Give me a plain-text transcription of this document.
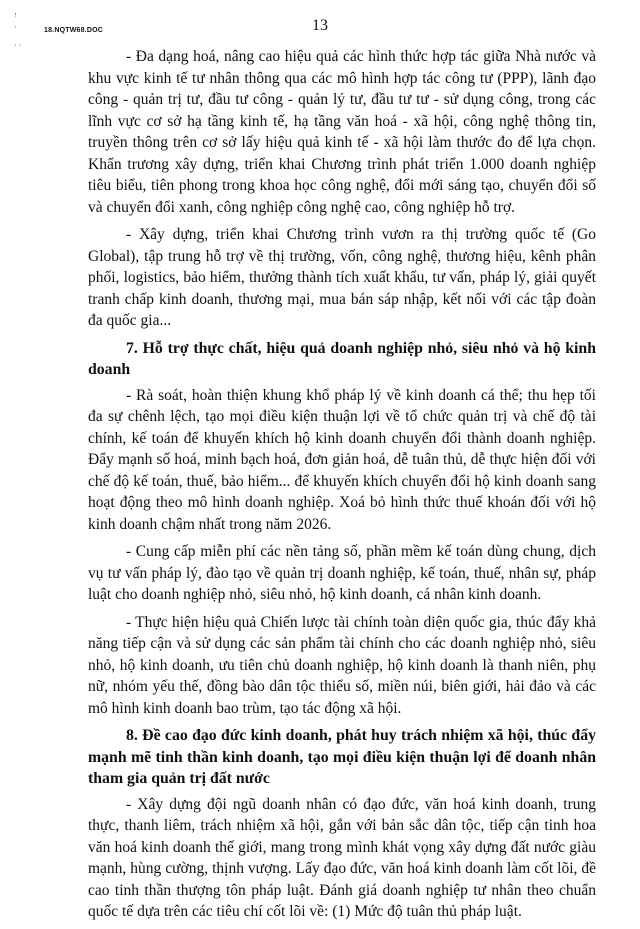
ꜝ
·
· ·
18.NQTW68.DOC	13

- Đa dạng hoá, nâng cao hiệu quả các hình thức hợp tác giữa Nhà nước và khu vực kinh tế tư nhân thông qua các mô hình hợp tác công tư (PPP), lãnh đạo công - quản trị tư, đầu tư công - quản lý tư, đầu tư tư - sử dụng công, trong các lĩnh vực cơ sở hạ tầng kinh tế, hạ tầng văn hoá - xã hội, công nghệ thông tin, truyền thông trên cơ sở lấy hiệu quả kinh tế - xã hội làm thước đo để lựa chọn. Khẩn trương xây dựng, triển khai Chương trình phát triển 1.000 doanh nghiệp tiêu biểu, tiên phong trong khoa học công nghệ, đổi mới sáng tạo, chuyển đổi số và chuyển đổi xanh, công nghiệp công nghệ cao, công nghiệp hỗ trợ.

- Xây dựng, triển khai Chương trình vươn ra thị trường quốc tế (Go Global), tập trung hỗ trợ về thị trường, vốn, công nghệ, thương hiệu, kênh phân phối, logistics, bảo hiểm, thưởng thành tích xuất khẩu, tư vấn, pháp lý, giải quyết tranh chấp kinh doanh, thương mại, mua bán sáp nhập, kết nối với các tập đoàn đa quốc gia...

7. Hỗ trợ thực chất, hiệu quả doanh nghiệp nhỏ, siêu nhỏ và hộ kinh doanh

- Rà soát, hoàn thiện khung khổ pháp lý về kinh doanh cá thể; thu hẹp tối đa sự chênh lệch, tạo mọi điều kiện thuận lợi về tổ chức quản trị và chế độ tài chính, kế toán để khuyến khích hộ kinh doanh chuyển đổi thành doanh nghiệp. Đẩy mạnh số hoá, minh bạch hoá, đơn giản hoá, dễ tuân thủ, dễ thực hiện đối với chế độ kế toán, thuế, bảo hiểm... để khuyến khích chuyển đổi hộ kinh doanh sang hoạt động theo mô hình doanh nghiệp. Xoá bỏ hình thức thuế khoán đối với hộ kinh doanh chậm nhất trong năm 2026.

- Cung cấp miễn phí các nền tảng số, phần mềm kế toán dùng chung, dịch vụ tư vấn pháp lý, đào tạo về quản trị doanh nghiệp, kế toán, thuế, nhân sự, pháp luật cho doanh nghiệp nhỏ, siêu nhỏ, hộ kinh doanh, cá nhân kinh doanh.

- Thực hiện hiệu quả Chiến lược tài chính toàn diện quốc gia, thúc đẩy khả năng tiếp cận và sử dụng các sản phẩm tài chính cho các doanh nghiệp nhỏ, siêu nhỏ, hộ kinh doanh, ưu tiên chủ doanh nghiệp, hộ kinh doanh là thanh niên, phụ nữ, nhóm yếu thế, đồng bào dân tộc thiểu số, miền núi, biên giới, hải đảo và các mô hình kinh doanh bao trùm, tạo tác động xã hội.

8. Đề cao đạo đức kinh doanh, phát huy trách nhiệm xã hội, thúc đẩy mạnh mẽ tinh thần kinh doanh, tạo mọi điều kiện thuận lợi để doanh nhân tham gia quản trị đất nước

- Xây dựng đội ngũ doanh nhân có đạo đức, văn hoá kinh doanh, trung thực, thanh liêm, trách nhiệm xã hội, gắn với bản sắc dân tộc, tiếp cận tinh hoa văn hoá kinh doanh thế giới, mang trong mình khát vọng xây dựng đất nước giàu mạnh, hùng cường, thịnh vượng. Lấy đạo đức, văn hoá kinh doanh làm cốt lõi, đề cao tinh thần thượng tôn pháp luật. Đánh giá doanh nghiệp tư nhân theo chuẩn quốc tế dựa trên các tiêu chí cốt lõi về: (1) Mức độ tuân thủ pháp luật.
